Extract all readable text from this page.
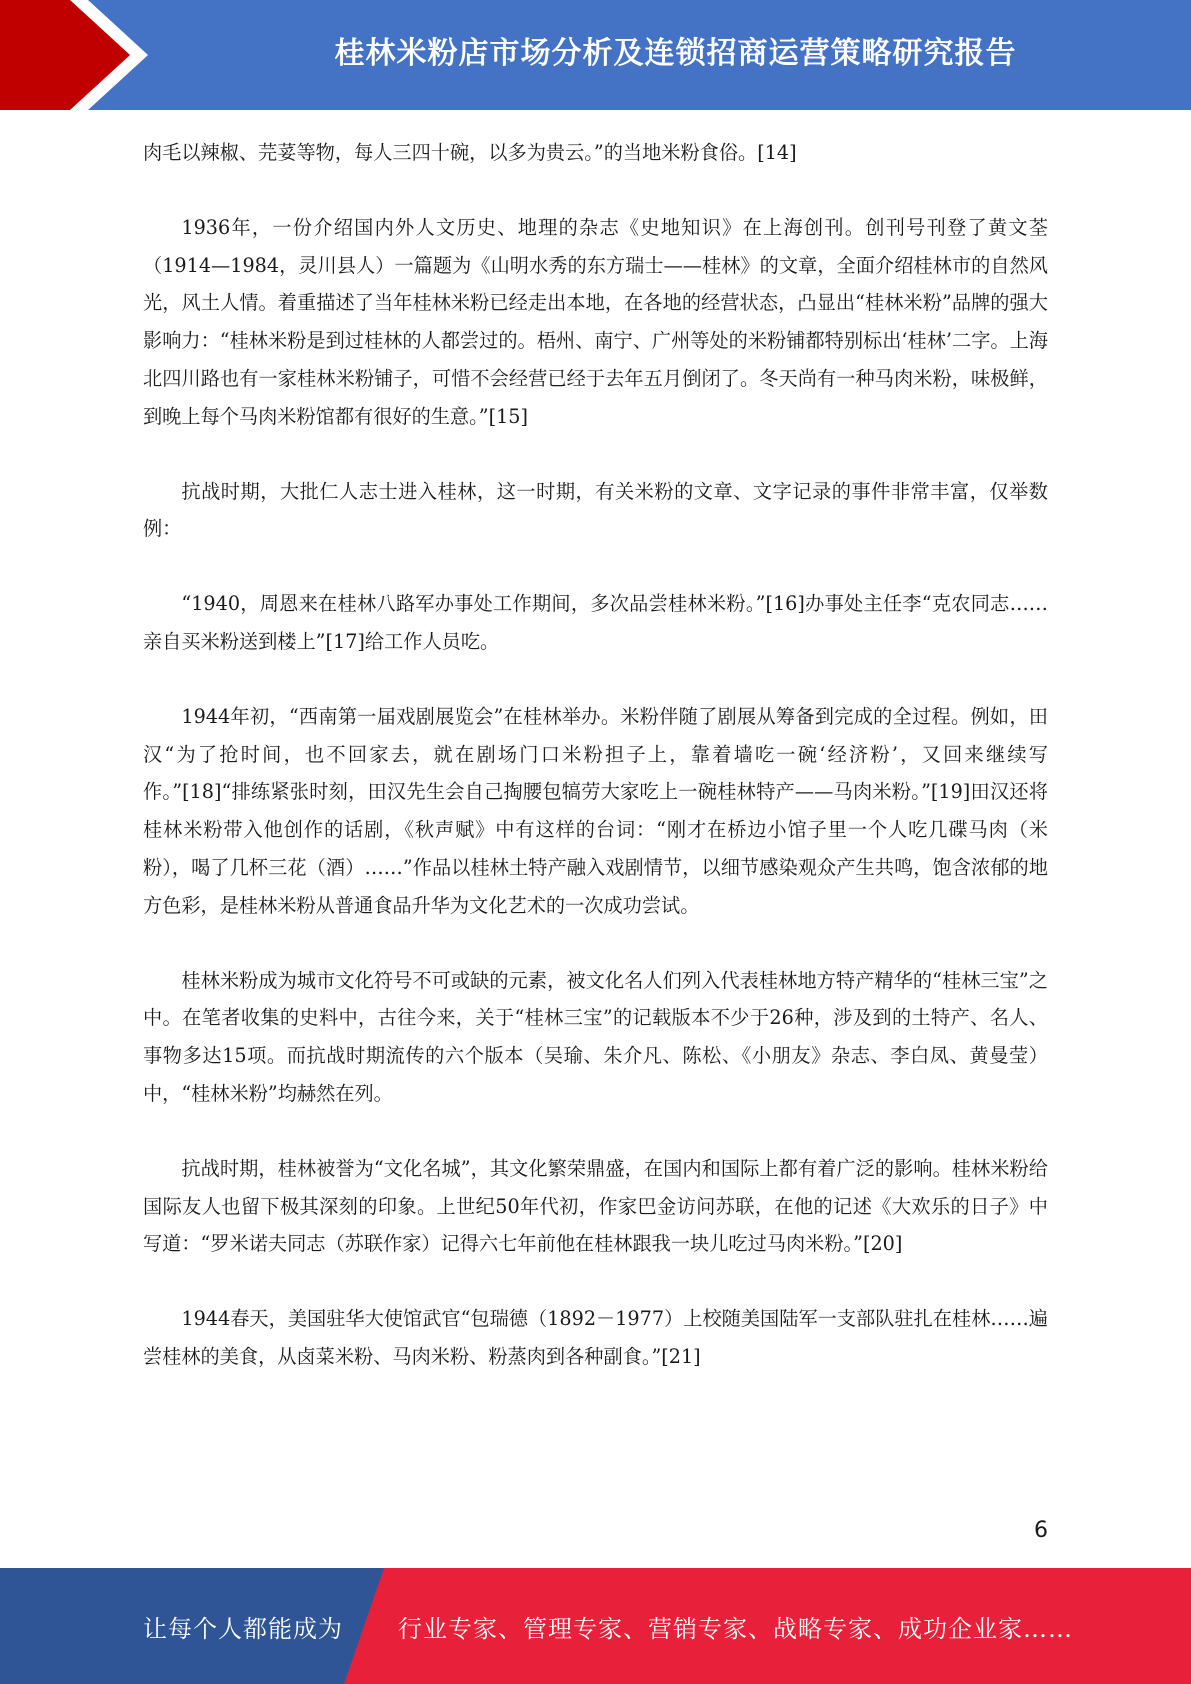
桂林米粉店市场分析及连锁招商运营策略研究报告

肉毛以辣椒、芫荽等物，每人三四十碗，以多为贵云。”的当地米粉食俗。[14]

1936年，一份介绍国内外人文历史、地理的杂志《史地知识》在上海创刊。创刊号刊登了黄文荃（1914—1984，灵川县人）一篇题为《山明水秀的东方瑞士——桂林》的文章，全面介绍桂林市的自然风光，风土人情。着重描述了当年桂林米粉已经走出本地，在各地的经营状态，凸显出“桂林米粉”品牌的强大影响力：“桂林米粉是到过桂林的人都尝过的。梧州、南宁、广州等处的米粉铺都特别标出‘桂林’二字。上海北四川路也有一家桂林米粉铺子，可惜不会经营已经于去年五月倒闭了。冬天尚有一种马肉米粉，味极鲜，到晚上每个马肉米粉馆都有很好的生意。”[15]

抗战时期，大批仁人志士进入桂林，这一时期，有关米粉的文章、文字记录的事件非常丰富，仅举数例：

“1940，周恩来在桂林八路军办事处工作期间，多次品尝桂林米粉。”[16]办事处主任李“克农同志……亲自买米粉送到楼上”[17]给工作人员吃。

1944年初，“西南第一届戏剧展览会”在桂林举办。米粉伴随了剧展从筹备到完成的全过程。例如，田汉“为了抢时间，也不回家去，就在剧场门口米粉担子上，靠着墙吃一碗‘经济粉’，又回来继续写作。”[18]“排练紧张时刻，田汉先生会自己掏腰包犒劳大家吃上一碗桂林特产——马肉米粉。”[19]田汉还将桂林米粉带入他创作的话剧，《秋声赋》中有这样的台词：“刚才在桥边小馆子里一个人吃几碟马肉（米粉），喝了几杯三花（酒）……”作品以桂林土特产融入戏剧情节，以细节感染观众产生共鸣，饱含浓郁的地方色彩，是桂林米粉从普通食品升华为文化艺术的一次成功尝试。

桂林米粉成为城市文化符号不可或缺的元素，被文化名人们列入代表桂林地方特产精华的“桂林三宝”之中。在笔者收集的史料中，古往今来，关于“桂林三宝”的记载版本不少于26种，涉及到的土特产、名人、事物多达15项。而抗战时期流传的六个版本（吴瑜、朱介凡、陈松、《小朋友》杂志、李白凤、黄曼莹）中，“桂林米粉”均赫然在列。

抗战时期，桂林被誉为“文化名城”，其文化繁荣鼎盛，在国内和国际上都有着广泛的影响。桂林米粉给国际友人也留下极其深刻的印象。上世纪50年代初，作家巴金访问苏联，在他的记述《大欢乐的日子》中写道：“罗米诺夫同志（苏联作家）记得六七年前他在桂林跟我一块儿吃过马肉米粉。”[20]

1944春天，美国驻华大使馆武官“包瑞德（1892－1977）上校随美国陆军一支部队驻扎在桂林……遍尝桂林的美食，从卤菜米粉、马肉米粉、粉蒸肉到各种副食。”[21]

6
让每个人都能成为 行业专家、管理专家、营销专家、战略专家、成功企业家……
